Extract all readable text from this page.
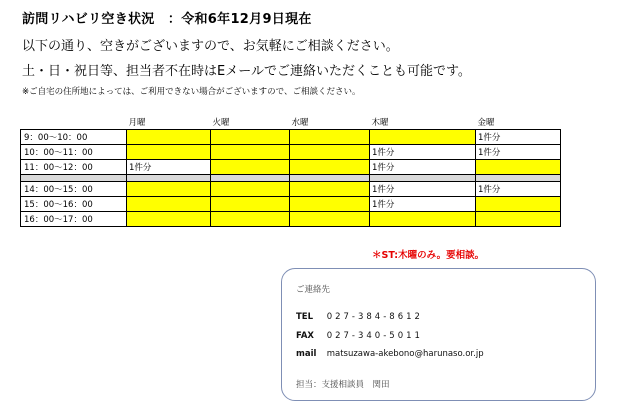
訪問リハビリ空き状況　：令和6年12月9日現在
以下の通り、空きがございますので、お気軽にご相談ください。
土・日・祝日等、担当者不在時はEメールでご連絡いただくことも可能です。
※ご自宅の住所地によっては、ご利用できない場合がございますので、ご相談ください。
	月曜	火曜	水曜	木曜	金曜
9：00〜10：00					1件分
10：00〜11：00				1件分	1件分
11：00〜12：00	1件分			1件分	

14：00〜15：00				1件分	1件分
15：00〜16：00				1件分	
16：00〜17：00					
＊ST:木曜のみ。要相談。
ご連絡先
TEL 027-384-8612
FAX 027-340-5011
mail matsuzawa-akebono@harunaso.or.jp
担当：支援相談員　関田
